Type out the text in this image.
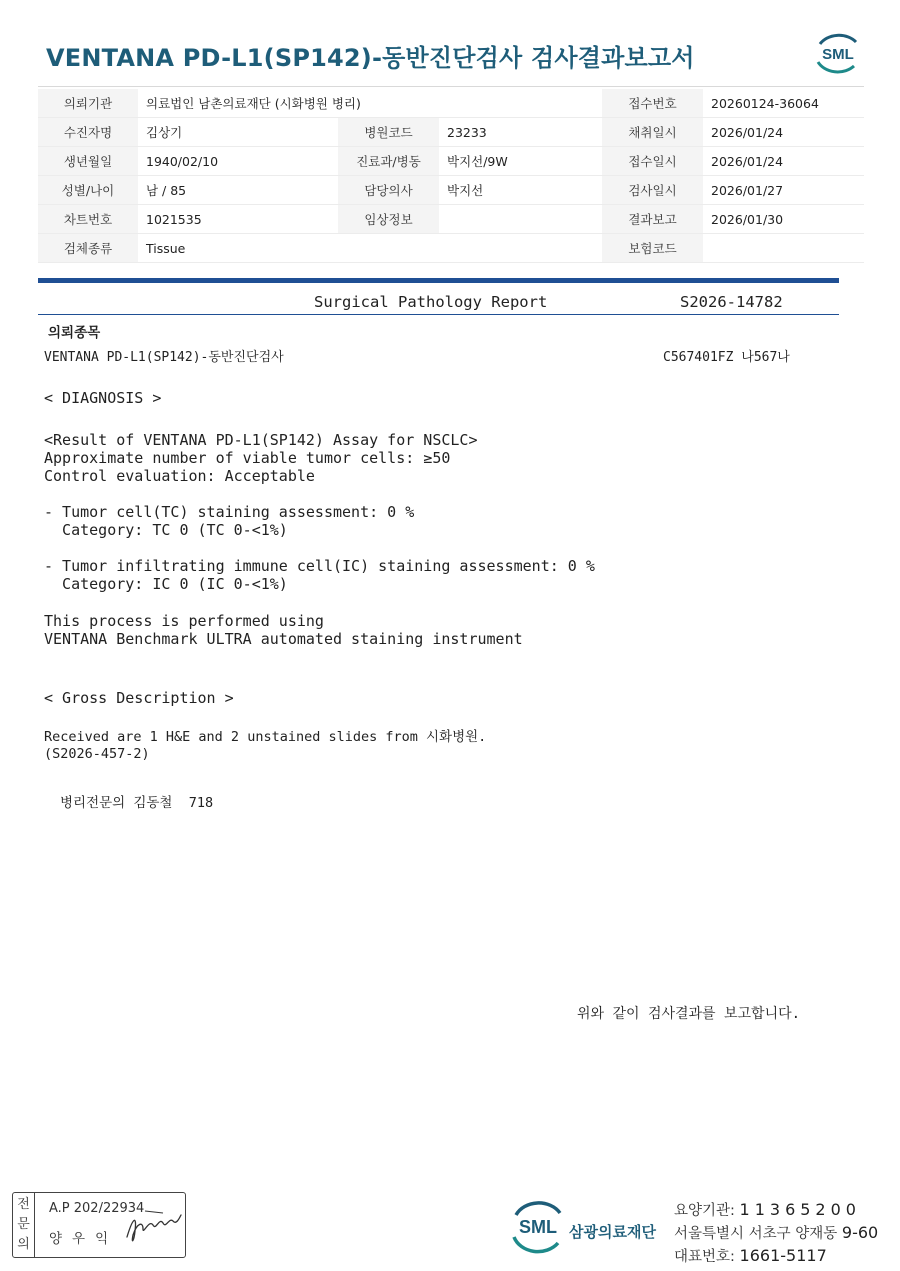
VENTANA PD-L1(SP142)-동반진단검사 검사결과보고서	SML
의뢰기관	의료법인 남촌의료재단 (시화병원 병리)			접수번호	20260124-36064
수진자명	김상기	병원코드	23233	채취일시	2026/01/24
생년월일	1940/02/10	진료과/병동	박지선/9W	접수일시	2026/01/24
성별/나이	남 / 85	담당의사	박지선	검사일시	2026/01/27
차트번호	1021535	임상정보		결과보고	2026/01/30
검체종류	Tissue			보험코드	
Surgical Pathology Report	S2026-14782
의뢰종목
VENTANA PD-L1(SP142)-동반진단검사	C567401FZ 나567나
< DIAGNOSIS >
<Result of VENTANA PD-L1(SP142) Assay for NSCLC>
Approximate number of viable tumor cells: ≥50
Control evaluation: Acceptable
- Tumor cell(TC) staining assessment: 0 %
Category: TC 0 (TC 0-<1%)
- Tumor infiltrating immune cell(IC) staining assessment: 0 %
Category: IC 0 (IC 0-<1%)
This process is performed using
VENTANA Benchmark ULTRA automated staining instrument
< Gross Description >
Received are 1 H&E and 2 unstained slides from 시화병원.
(S2026-457-2)
병리전문의 김동철  718
위와 같이 검사결과를 보고합니다.
전
문
의
A.P 202/22934
양우익
SML 삼광의료재단
요양기관: 11365200
서울특별시 서초구 양재동 9-60
대표번호: 1661-5117
